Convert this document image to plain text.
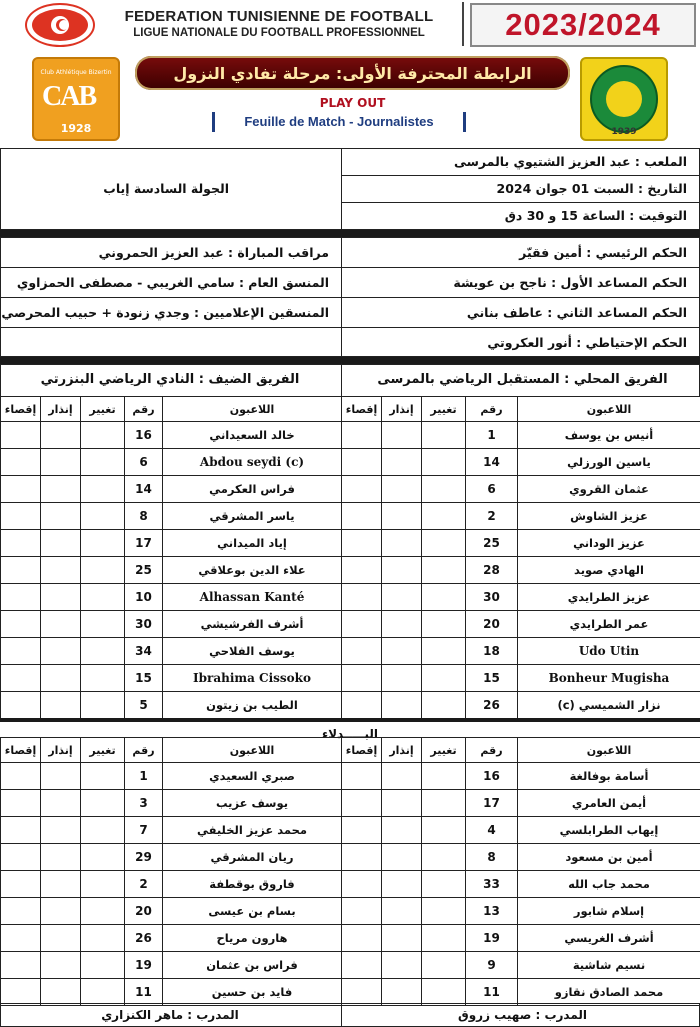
FEDERATION TUNISIENNE DE FOOTBALL
LIGUE NATIONALE DU FOOTBALL PROFESSIONNEL	2023/2024
Club Athlétique Bizertin
CAB
1928	1939
الرابطة المحترفة الأولى: مرحلة تفادي النزول
PLAY OUT
Feuille de Match - Journalistes
الملعب : عبد العزيز الشتيوي بالمرسى
التاريخ : السبت 01 جوان 2024
التوقيت : الساعة 15 و 30 دق
الجولة السادسة إياب
الحكم الرئيسي : أمين فقيّر
الحكم المساعد الأول : ناجح بن عويشة
الحكم المساعد الثاني : عاطف بناني
الحكم الإحتياطي : أنور العكروتي
مراقب المباراة : عبد العزيز الحمروني
المنسق العام : سامي الغريبي - مصطفى الحمزاوي
المنسقين الإعلاميين : وجدي زنودة + حبيب المحرصي
الفريق المحلي : المستقبل الرياضي بالمرسى
الفريق الضيف : النادي الرياضي البنزرتي
إقصاء	إنذار	تغيير	رقم	اللاعبون
			1	أنيس بن يوسف
			14	ياسين الورزلي
			6	عثمان القروي
			2	عزيز الشاوش
			25	عزيز الوداني
			28	الهادي صويد
			30	عزيز الطرايدي
			20	عمر الطرايدي
			18	Udo Utin
			15	Bonheur Mugisha
			26	نزار الشميسي (c)
إقصاء	إنذار	تغيير	رقم	اللاعبون
			16	خالد السعيداني
			6	Abdou seydi (c)
			14	فراس العكرمي
			8	ياسر المشرقي
			17	إياد الميداني
			25	علاء الدين بوعلاقي
			10	Alhassan Kanté
			30	أشرف الفرشيشي
			34	يوسف الفلاحي
			15	Ibrahima Cissoko
			5	الطيب بن زيتون
البـــــدلاء
إقصاء	إنذار	تغيير	رقم	اللاعبون
			16	أسامة بوفالغة
			17	أيمن العامري
			4	إيهاب الطرابلسي
			8	أمين بن مسعود
			33	محمد جاب الله
			13	إسلام شابور
			19	أشرف الغريسي
			9	نسيم شاشية
			11	محمد الصادق نقازو
إقصاء	إنذار	تغيير	رقم	اللاعبون
			1	صبري السعيدي
			3	يوسف عزيب
			7	محمد عزيز الخليفي
			29	ريان المشرقي
			2	فاروق بوقطفة
			20	بسام بن عيسى
			26	هارون مرياح
			19	فراس بن عثمان
			11	فايد بن حسين
المدرب : صهيب زروق
المدرب : ماهر الكنزاري
